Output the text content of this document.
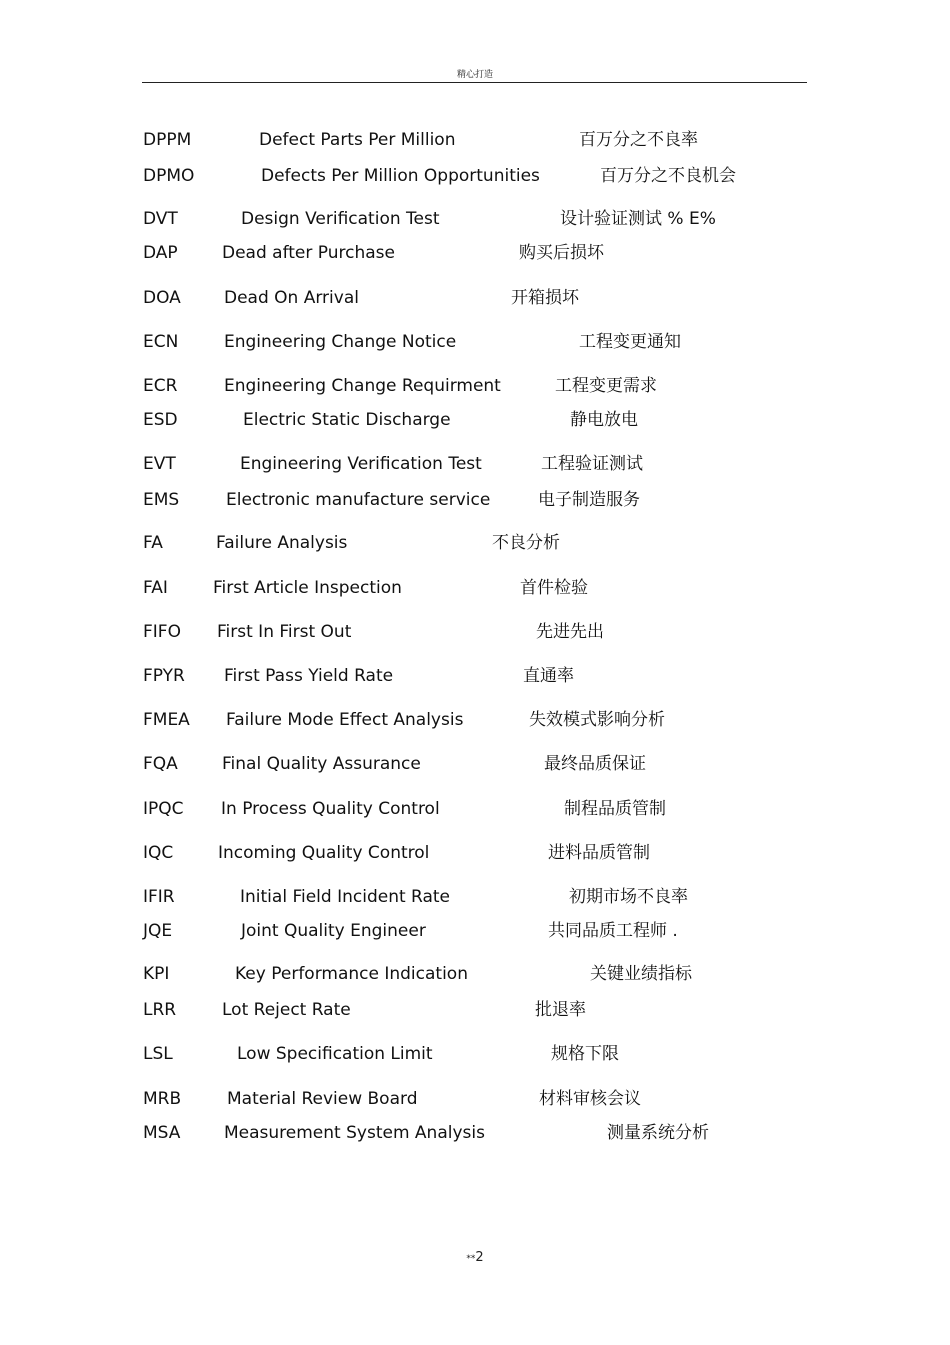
精心打造
DPPM	Defect Parts Per Million	百万分之不良率
DPMO	Defects Per Million Opportunities	百万分之不良机会
DVT	Design Verification Test	设计验证测试 % E%
DAP	Dead after Purchase	购买后损坏
DOA	Dead On Arrival	开箱损坏
ECN	Engineering Change Notice	工程变更通知
ECR	Engineering Change Requirment	工程变更需求
ESD	Electric Static Discharge	静电放电
EVT	Engineering Verification Test	工程验证测试
EMS	Electronic manufacture service	电子制造服务
FA	Failure Analysis	不良分析
FAI	First Article Inspection	首件检验
FIFO First In First Out	先进先出
FPYR First Pass Yield Rate	直通率
FMEA Failure Mode Effect Analysis	失效模式影响分析
FQA	Final Quality Assurance	最终品质保证
IPQC In Process Quality Control	制程品质管制
IQC	Incoming Quality Control	进料品质管制
IFIR	Initial Field Incident Rate	初期市场不良率
JQE	Joint Quality Engineer	共同品质工程师 .
KPI	Key Performance Indication	关键业绩指标
LRR	Lot Reject Rate	批退率
LSL	Low Specification Limit	规格下限
MRB	Material Review Board	材料审核会议
MSA	Measurement System Analysis	测量系统分析
**2
